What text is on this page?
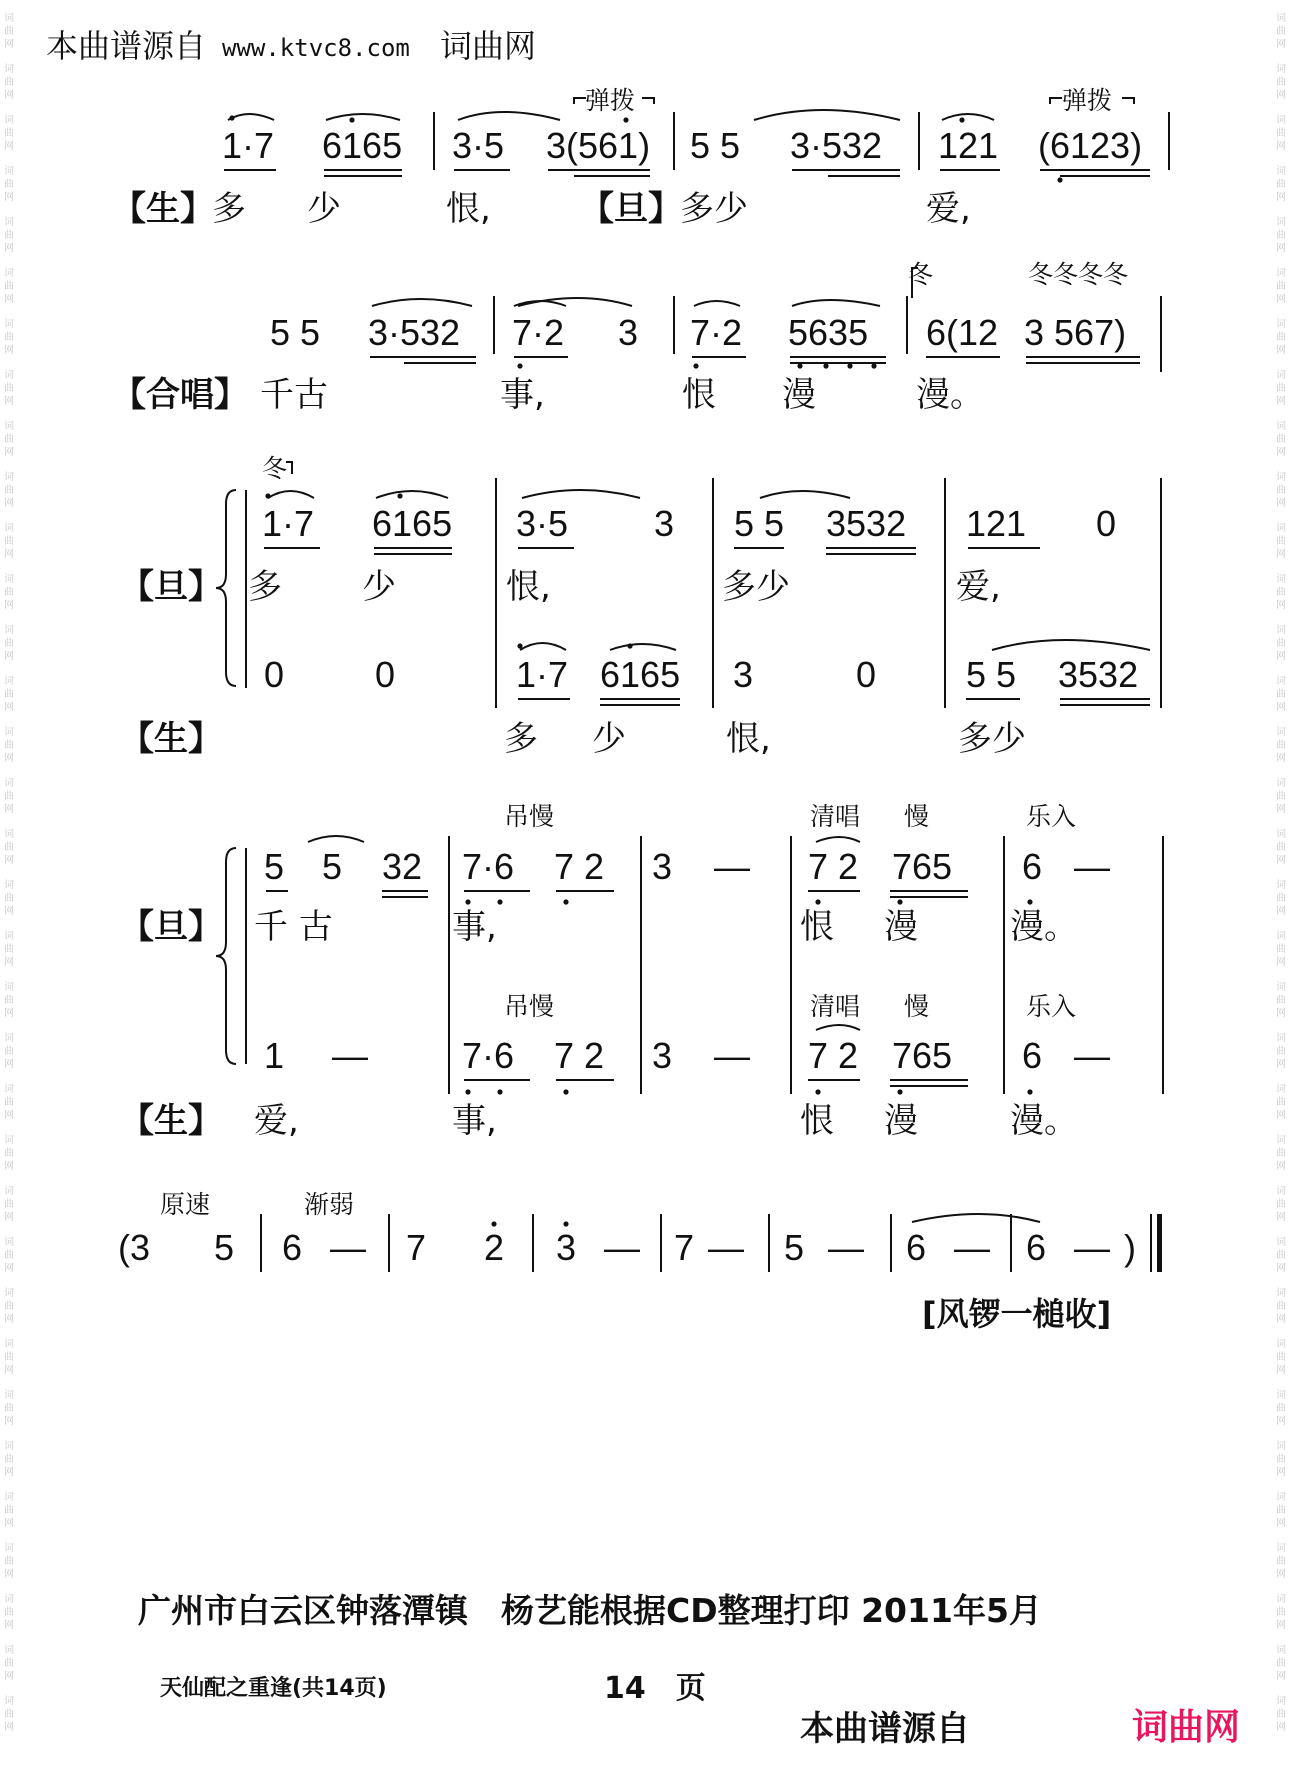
词
曲
网
词
曲
网
词
曲
网
词
曲
网
词
曲
网
词
曲
网
词
曲
网
词
曲
网
词
曲
网
词
曲
网
词
曲
网
词
曲
网
词
曲
网
词
曲
网
词
曲
网
词
曲
网
词
曲
网
词
曲
网
词
曲
网
词
曲
网
词
曲
网
词
曲
网
词
曲
网
词
曲
网
词
曲
网
词
曲
网
词
曲
网
词
曲
网
词
曲
网
词
曲
网
词
曲
网
词
曲
网
词
曲
网
词
曲
网
词
曲
网
词
曲
网
词
曲
网
词
曲
网
词
曲
网
词
曲
网
词
曲
网
词
曲
网
词
曲
网
词
曲
网
词
曲
网
词
曲
网
词
曲
网
词
曲
网
词
曲
网
词
曲
网
词
曲
网
词
曲
网
词
曲
网
词
曲
网
词
曲
网
词
曲
网
词
曲
网
词
曲
网
词
曲
网
词
曲
网
词
曲
网
词
曲
网
词
曲
网
词
曲
网
词
曲
网
词
曲
网
词
曲
网
词
曲
网
本曲谱源自 www.ktvc8.com 词曲网
弹拨	弹拨
1·7 6165 3·5 3(561) 5 5 3·532 121 (6123)
【生】
多 少	恨,	【旦】
多少	爱,
冬	冬冬冬冬
5 5 3·532 7·2 3 7·2 5635 6(12 3 567)
【合唱】 千古	事,	恨 漫	漫。
冬
1·7 6165 3·5 3 5 5 3532 121 0
【旦】 多 少	恨,	多少	爱,
0	0	1·7 6165 3	0 5 5 3532
【生】	多 少	恨,	多少
吊慢	清唱 慢	乐入
5 5 32 7·6 7 2 3 — 7 2 765 6 —
【旦】 千 古	事,	恨 漫	漫。
吊慢	清唱 慢	乐入
1 —	7·6 7 2 3 — 7 2 765 6 —
【生】 爱,	事,	恨 漫	漫。
原速	渐弱
(3 5 6 — 7 2 3 — 7 — 5 — 6 — 6 — )
[风锣一槌收]
广州市白云区钟落潭镇　杨艺能根据CD整理打印 2011年5月
天仙配之重逢(共14页)	14　页
本曲谱源自	词曲网
